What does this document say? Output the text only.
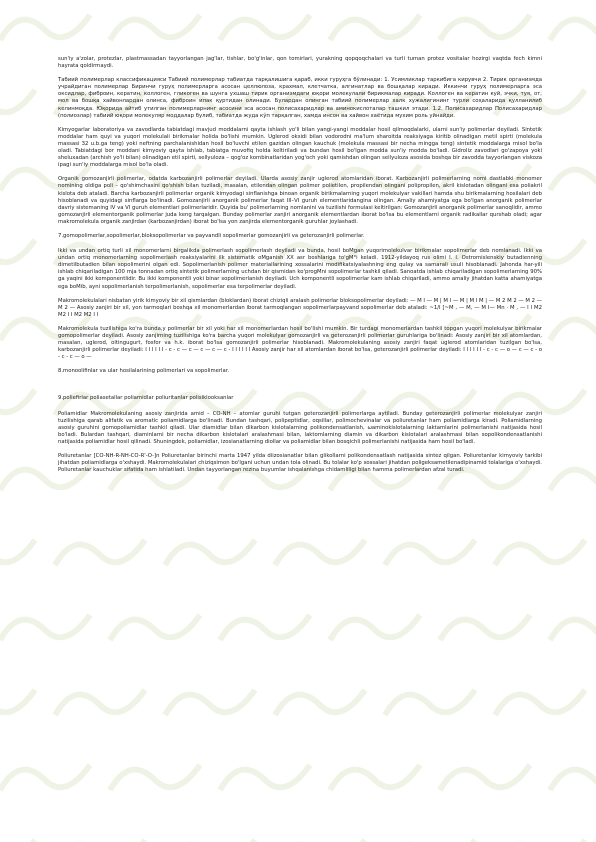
sun'iy a'zolar, protezlar, plastmassadan tayyorlangan jag'lar, tishlar, bo'g'inlar, qon tomirlari, yurakning qopqoqchalari va turli tuman protez vositalar hozirgi vaqtda fech kimni hayrata qoldirmaydi.

Табиий полимерлар классификацияси Табиий полимерлар табиатда тарқалишига қараб, икки гуруҳга бўлинади: 1. Усимликлар таркибига кирувчи 2. Тирик организмда учрайдиган полимерлар Биринчи гуруҳ полимерларга асосан целлюлоза, крахмал, клетчатка, алгинатлар ва бошқалар киради. Иккинчи гуруҳ полимерларга эса оксидлар, фиброин, кератин, коллоген, гликоген ва шунга ухшаш тирик организмдаги юқори молекулали бирикмалар киради. Коллоген ва кератин куй, эчки, туя, от, мол ва бошқа хайвонлардан олинса, фиброин ипак қуртидан олинади. Булардан олинган табиий полимерлар халк хужалигининг турли соҳаларида қулланилиб келинмоқда. Юқорида айтиб утилган полимерларнинг асосини эса асосан полисахаридлар ва аминокислоталар ташкил этади. 1.2. Полисахаридлар Полисахаридлар (полиозлар) табиий юқори молекуляр моддалар булиб, табиатда жуда кўп тарқалган, хамда инсон ва хайвон хаётида мухим роль уйнайди.

Kimyogarlar laboratoriya va zavodlarda tabiatdagi mavjud moddalarni qayta ishlash yo'li bilan yangi-yangi moddalar hosil qilmoqdalarki, ularni sun'iy polimerlar deyiladi. Sintetik moddalar ham quyi va yuqori molekulali birikmalar holida bo'lishi mumkin. Uglerod oksidi bilan vodorodni ma'lum sharoitda reaksiyaga kiritib olinadigan metil spirti (molekula massasi 32 u.b.ga teng) yoki neftning parchalanishidan hosil bo'luvchi etilen gazidan olingan kauchuk (molekula massasi bir necha mingga teng) sintetik moddalarga misol bo'la oladi. Tabiatdagi bor moddani kimyoviy qayta ishlab, tabiatga muvofiq holda keltiriladi va bundan hosil bo'lgan modda sun'iy modda bo'ladi. Gidroliz zavodlari go'zapoya yoki sheluxadan (archish yo'li bilan) olinadigan etil spirti, sellyuloza – qog'oz kombinatlaridan yog'och yoki qamishdan olingan sellyuloza asosida boshqa bir zavodda tayyorlangan viskoza ipagi sun'iy moddalarga misol bo'la oladi.

Organik gomozanjirli polimerlar, odatda karbozanjirli polimerlar deyiladi. Ularda asosiy zanjir uglerod atomlaridan iborat. Karbozanjirli polimerlarning nomi dastlabki monomer nomining oldiga poli – qo'shimchasini qo'shish bilan tuziladi, masalan, etilendan olingan polimer polietilen, propilendan olingani polipropilen, akril kislotadan olingani esa poliakril kislota deb ataladi. Barcha karbozanjirli polimerlar organik kimyodagi sinflanishga binoan organik birikmalarning yuqori molekulyar vakillari hamda shu birikmalarning hosilalari deb hisoblanadi va quyidagi sinflarga bo'linadi. Gomozanjirli anorganik polimerlar faqat III–VI guruh elementlaridangina olingan. Amaliy ahamiyatga ega bo'lgan anorganik polimerlar davriy sistemaning IV va VI guruh elementlari polimerlaridir. Quyida bu' polimerlarning nomlanini va tuzilishi formulasi keltirilgan: Gomozanjirli anorganik polimerlar sanoqlidir, ammo gomozanjirli elementorganik polimerlar juda keng tarqalgan. Bunday polimerlar zanjiri anorganik elementlardan iborat bo'lsa bu elementlarni organik radikallar qurshab oladi; agar makromolekula organik zanjirdan (karbozanjirdan) iborat bo'lsa yon zanjirda elementorganik guruhlar joylashadi.

7.gomopolimerlar,sopolimerlar,bloksopolimerlar va payvandli sopolimerlar gomozanjirli va geterozanjirli polimerlar.

Ikki va undan ortiq turli xil monomerlarni birgalikda polimerlash sopolimerlash deyiladi va bunda, hosil boMgan yuqorimolekulvar birikmalar sopolimerlar deb nomlanadi. Ikki va undan ortiq monomerlarning sopolimerlash reaksiyalarini ilk sistematik oMganish XX asr boshlariga to'gM°i keladi. 1912-yildayoq rus olimi I. I. Ostromislenskiy butadienning dimetilbutadien bilan sopolimerini olgan edi. Sopolimerlanish polimer materiallarining xossalarini modifikatsiyalashning eng qulay va samarali usuli hisoblanadi. Jahonda har-yili ishlab chiqariladigan 100 mja tonnadan ortiq sintetik polimerlarning uchdan bir qismidan ko'progMni sopolimerlar tashkil qiladi. Sanoatda ishlab chiqariladigan sopolimerlarning 90% ga yaqini ikki komponentlidir. Bu ikki komponentli yoki binar sopolimerlanish deyiladi. Uch komponentli sopolimerlar kam ishlab chiqariladi, ammo amaliy jihatdan katta ahamiyatga ega boMib, ayni sopolimerlanish terpolimerlanish, sopolimerlar esa terpolimerlar deyiladi.

Makromolekulalari nisbatan yirik kimyoviy bir xil qismlardan (bloklardan) iborat chiziqli aralash polimerlar bloksopolimerlar deyiladi: — M I — M | M I — M | M I M | — M 2 M 2 — M 2 — M 2 — Asosiy zanjiri bir xil, yon tarmoqlari boshqa xil monomerlardan iborat tarmoqlangan sopolimerlarpayvand sopolimerlar deb ataladi: ~1/I [~M , — M, — M I— Mn · M , — I I M2 M2 I I M2 M2 I I

Makromolekula tuzilishiga ko'ra bunda,y polimerlar bir xil yoki har xil monomerlardan hosil bo'lishi mumkin. Bir turdagi monomerlardan tashkil topgan yuqori molekulyar birikmalar gomopolimerlar deyiladi. Asosiy zanjirning tuzilishiga ko'ra barcha yuqori molekulyar gomozanjirli va geterozanjirli polimerlar guruhlariga bo'linadi: Asosiy zanjiri bir xil atomlardan, masalan, uglerod, oltingugurt, fosfor va h.k. iborat bo'lsa gomozanjirli polimerlar hisoblanadi. Makromolekulaning asosiy zanjiri faqat uglerod atomlaridan tuzilgan bo'lsa, karbozanjirli polimerlar deyiladi: I I I I I I - c - c — c — c — c — c - I I I I I I Asosiy zanjir har xil atomlardan iborat bo'lsa, geterozanjirli polimerlar deyiladi: I I I I I I - c - c — o — c — c - o - c - c — o —

8.monoolifinlar va ular hosilalarining polimerlari va sopolimerlar.

9.poliefirlar poliasetallar poliamidlar poliuritanlar polisiklooksanlar

Poliamidlar Makromolekulaning asosiy zanjirida amid – CO-NH – atomlar guruhi tutgan geterozanjirli polimerlarga aytiladi. Bunday geterozanjirli polimerlar molekulyar zanjiri tuzilishiga qarab alifatik va aromatic poliamidlarga bo'linadi. Bundan tashqari, polipeptidlar, oqsillar, polimochevinalar va poliuretanlar ham poliamidlarga kiradi. Poliamidlarning asosiy guruhini gomopoliamidlar tashkil qiladi. Ular diamidlar bilan dikarbon kislotalarning polikondensatlanish, ωaminokislotalarning laktamlarini polimerlanishi natijasida hosil bo'ladi. Bulardan tashqari, diaminlarni bir necha dikarbon kislotalari aralashmasi bilan, laktomlarning diamin va dikarbon kislotalari aralashmasi bilan sopolikondensatlanishi natijasida poliamidlar hosil qilinadi. Shuningdek, poliamidlar, izosianatlarning diollar va poliamidlar bilan bosqichli polimerlanishi natijasida ham hosil bo'ladi.

Poliuretanlar [CO-NH-R-NH-CO-R'-O-]n Poliuretanlar birinchi marta 1947 yilda diizosianatlar bilan glikollarni polikondensatlash natijasida sintez qilgan. Poliuretanlar kimyoviy tarkibi jihatdan poliamidlarga o'xshaydi. Makromolekulalari chiziqsimon bo'lgani uchun undan tola olinadi. Bu tolalar ko'p xossalari jihatdan poligeksametilenadipinamid tolalariga o'xshaydi. Poliuretanlar kauchuklar sifatida ham ishlatiladi. Undan tayyorlangan rezina buyumlar ishqalanishga chidamliligi bilan hamma polimerlardan afzal turadi.
